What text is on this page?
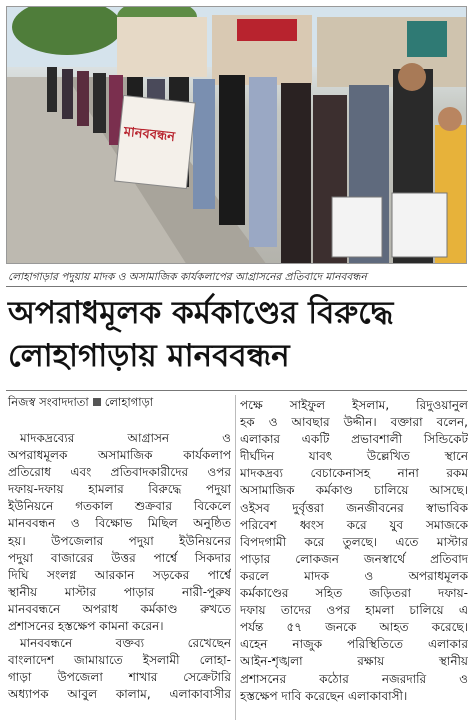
মানববন্ধন
লোহাগাড়ার পদুয়ায় মাদক ও অসামাজিক কার্যকলাপের আগ্রাসনের প্রতিবাদে মানববন্ধন
অপরাধমূলক কর্মকাণ্ডের বিরুদ্ধে
লোহাগাড়ায় মানববন্ধন
নিজস্ব সংবাদদাতা লোহাগাড়া
মাদকদ্রব্যের আগ্রাসন ও
অপরাধমূলক অসামাজিক কার্যকলাপ
প্রতিরোধ এবং প্রতিবাদকারীদের ওপর
দফায়-দফায় হামলার বিরুদ্ধে পদুয়া
ইউনিয়নে গতকাল শুক্রবার বিকেলে
মানববন্ধন ও বিক্ষোভ মিছিল অনুষ্ঠিত
হয়। উপজেলার পদুয়া ইউনিয়নের
পদুয়া বাজারের উত্তর পার্শ্বে সিকদার
দিঘি সংলগ্ন আরকান সড়কের পার্শ্বে
স্থানীয় মাস্টার পাড়ার নারী-পুরুষ
মানববন্ধনে অপরাধ কর্মকাণ্ড রুখতে
প্রশাসনের হস্তক্ষেপ কামনা করেন।
মানববন্ধনে বক্তব্য রেখেছেন
বাংলাদেশ জামায়াতে ইসলামী লোহা-
গাড়া উপজেলা শাখার সেক্রেটারি
অধ্যাপক আবুল কালাম, এলাকাবাসীর
পক্ষে সাইফুল ইসলাম, রিদুওয়ানুল
হক ও আবছার উদ্দীন। বক্তারা বলেন,
এলাকার একটি প্রভাবশালী সিন্ডিকেট
দীর্ঘদিন যাবৎ উল্লেখিত স্থানে
মাদকদ্রব্য বেচাকেনাসহ নানা রকম
অসামাজিক কর্মকাণ্ড চালিয়ে আসছে।
ওইসব দুর্বৃত্তরা জনজীবনের স্বাভাবিক
পরিবেশ ধ্বংস করে যুব সমাজকে
বিপদগামী করে তুলছে। এতে মাস্টার
পাড়ার লোকজন জনস্বার্থে প্রতিবাদ
করলে মাদক ও অপরাধমূলক
কর্মকাণ্ডের সহিত জড়িতরা দফায়-
দফায় তাদের ওপর হামলা চালিয়ে এ
পর্যন্ত ৫৭ জনকে আহত করেছে।
এহেন নাজুক পরিস্থিতিতে এলাকার
আইন-শৃঙ্খলা রক্ষায় স্থানীয়
প্রশাসনের কঠোর নজরদারি ও
হস্তক্ষেপ দাবি করেছেন এলাকাবাসী।
